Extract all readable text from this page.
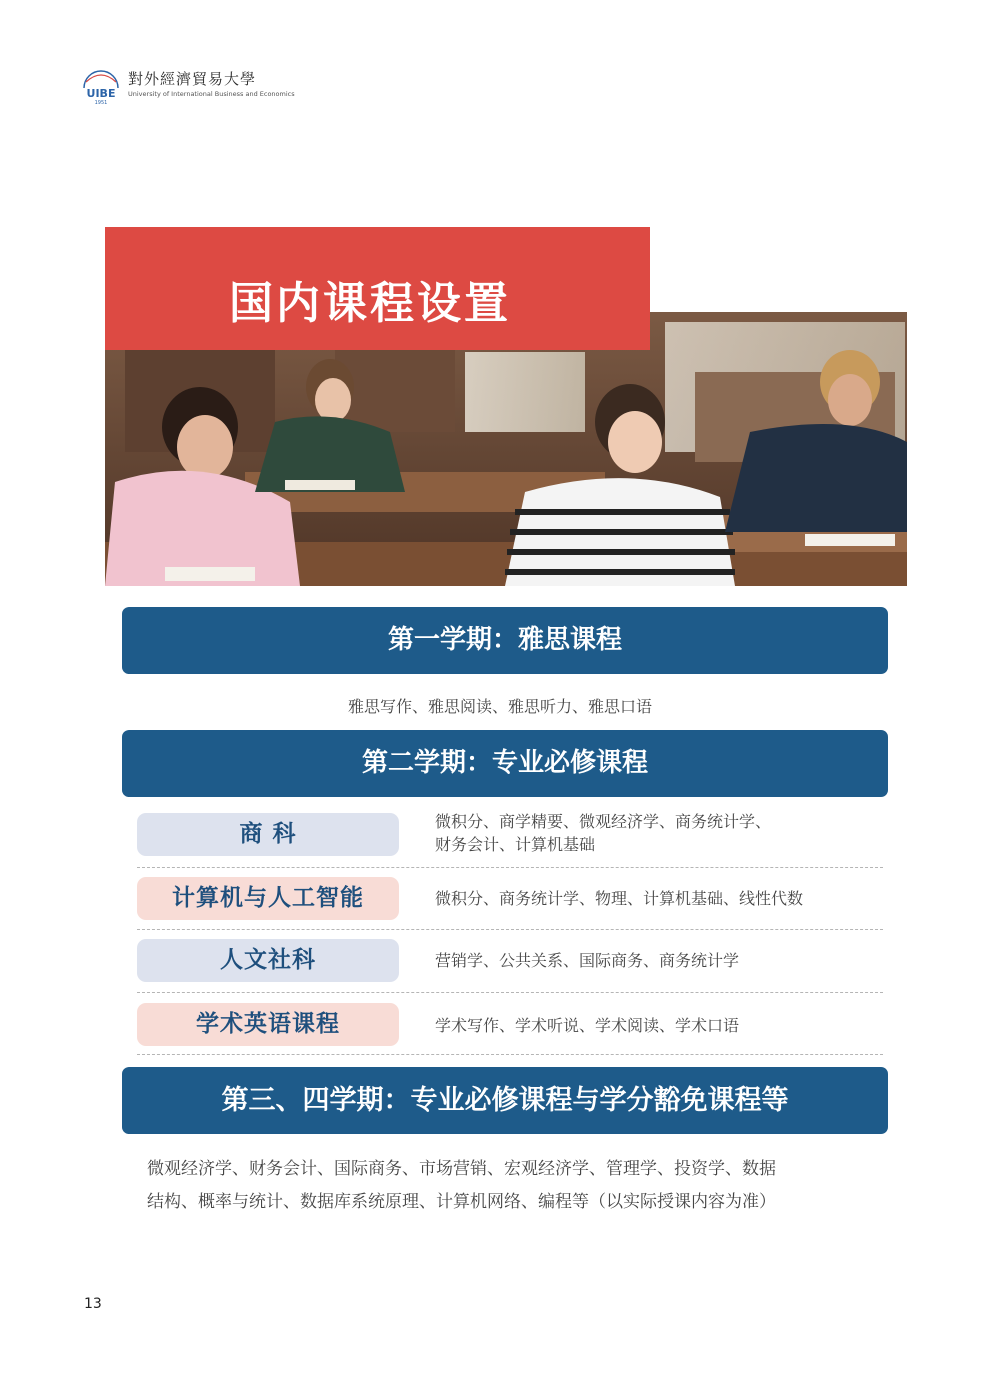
UIBE
1951
對外經濟貿易大學
University of International Business and Economics
国内课程设置
第一学期：雅思课程
雅思写作、雅思阅读、雅思听力、雅思口语
第二学期：专业必修课程
商 科	微积分、商学精要、微观经济学、商务统计学、
财务会计、计算机基础
计算机与人工智能	微积分、商务统计学、物理、计算机基础、线性代数
人文社科	营销学、公共关系、国际商务、商务统计学
学术英语课程	学术写作、学术听说、学术阅读、学术口语
第三、四学期：专业必修课程与学分豁免课程等
微观经济学、财务会计、国际商务、市场营销、宏观经济学、管理学、投资学、数据
结构、概率与统计、数据库系统原理、计算机网络、编程等（以实际授课内容为准）
13
